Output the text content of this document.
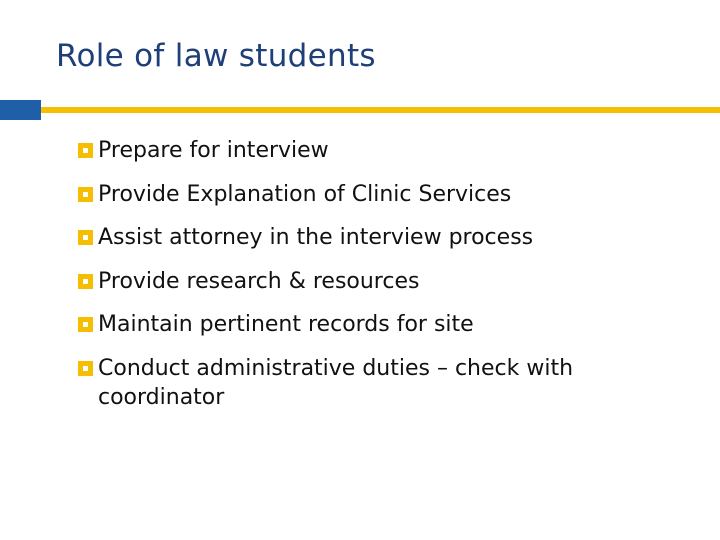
Role of law students
Prepare for interview
Provide Explanation of Clinic Services
Assist attorney in the interview process
Provide research & resources
Maintain pertinent records for site
Conduct administrative duties – check with coordinator
